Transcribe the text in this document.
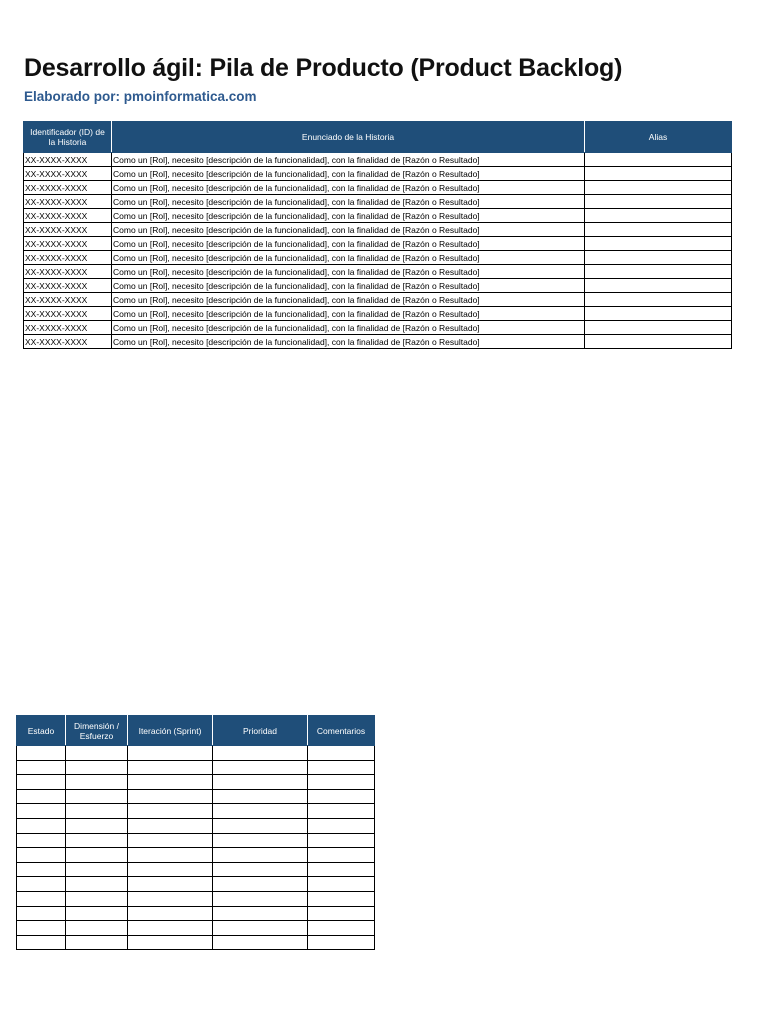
Desarrollo ágil: Pila de Producto (Product Backlog)
Elaborado por: pmoinformatica.com
Identificador (ID) de la Historia	Enunciado de la Historia	Alias
XX-XXXX-XXXX	Como un [Rol], necesito [descripción de la funcionalidad], con la finalidad de [Razón o Resultado]	
XX-XXXX-XXXX	Como un [Rol], necesito [descripción de la funcionalidad], con la finalidad de [Razón o Resultado]	
XX-XXXX-XXXX	Como un [Rol], necesito [descripción de la funcionalidad], con la finalidad de [Razón o Resultado]	
XX-XXXX-XXXX	Como un [Rol], necesito [descripción de la funcionalidad], con la finalidad de [Razón o Resultado]	
XX-XXXX-XXXX	Como un [Rol], necesito [descripción de la funcionalidad], con la finalidad de [Razón o Resultado]	
XX-XXXX-XXXX	Como un [Rol], necesito [descripción de la funcionalidad], con la finalidad de [Razón o Resultado]	
XX-XXXX-XXXX	Como un [Rol], necesito [descripción de la funcionalidad], con la finalidad de [Razón o Resultado]	
XX-XXXX-XXXX	Como un [Rol], necesito [descripción de la funcionalidad], con la finalidad de [Razón o Resultado]	
XX-XXXX-XXXX	Como un [Rol], necesito [descripción de la funcionalidad], con la finalidad de [Razón o Resultado]	
XX-XXXX-XXXX	Como un [Rol], necesito [descripción de la funcionalidad], con la finalidad de [Razón o Resultado]	
XX-XXXX-XXXX	Como un [Rol], necesito [descripción de la funcionalidad], con la finalidad de [Razón o Resultado]	
XX-XXXX-XXXX	Como un [Rol], necesito [descripción de la funcionalidad], con la finalidad de [Razón o Resultado]	
XX-XXXX-XXXX	Como un [Rol], necesito [descripción de la funcionalidad], con la finalidad de [Razón o Resultado]	
XX-XXXX-XXXX	Como un [Rol], necesito [descripción de la funcionalidad], con la finalidad de [Razón o Resultado]	
Estado	Dimensión / Esfuerzo	Iteración (Sprint)	Prioridad	Comentarios
